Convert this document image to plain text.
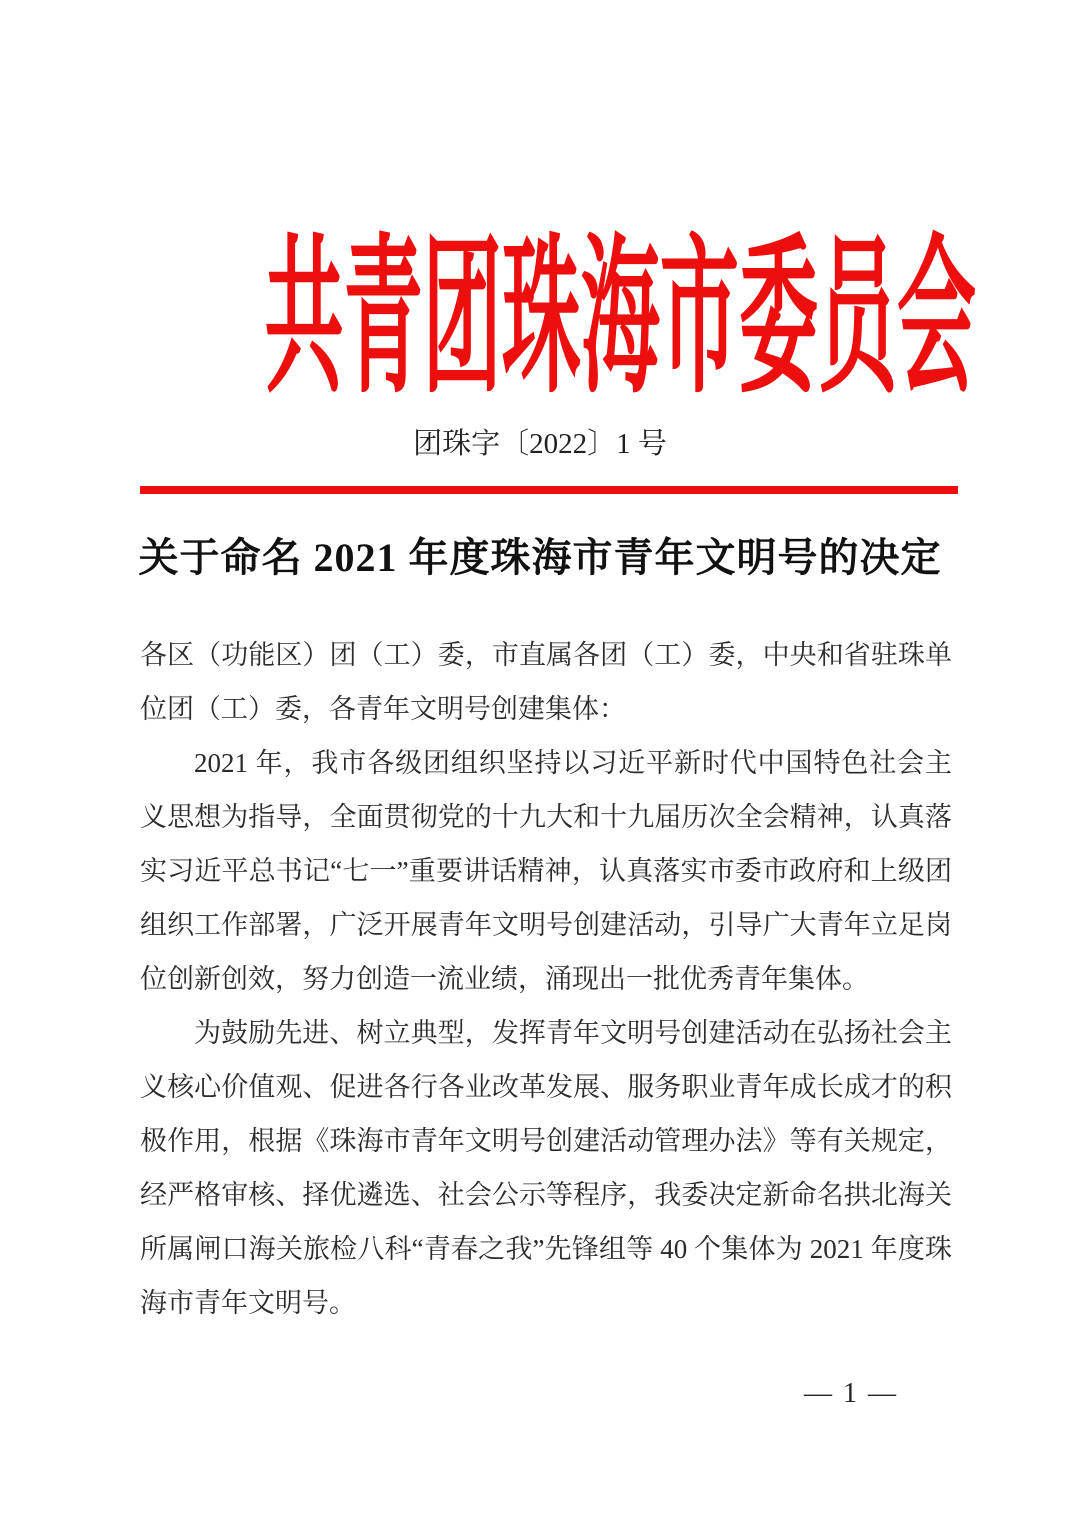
共青团珠海市委员会
团珠字〔2022〕1 号
关于命名 2021 年度珠海市青年文明号的决定

各区（功能区）团（工）委，市直属各团（工）委，中央和省驻珠单位团（工）委，各青年文明号创建集体：

2021 年，我市各级团组织坚持以习近平新时代中国特色社会主义思想为指导，全面贯彻党的十九大和十九届历次全会精神，认真落实习近平总书记“七一”重要讲话精神，认真落实市委市政府和上级团组织工作部署，广泛开展青年文明号创建活动，引导广大青年立足岗位创新创效，努力创造一流业绩，涌现出一批优秀青年集体。

为鼓励先进、树立典型，发挥青年文明号创建活动在弘扬社会主义核心价值观、促进各行各业改革发展、服务职业青年成长成才的积极作用，根据《珠海市青年文明号创建活动管理办法》等有关规定，经严格审核、择优遴选、社会公示等程序，我委决定新命名拱北海关所属闸口海关旅检八科“青春之我”先锋组等 40 个集体为 2021 年度珠海市青年文明号。

— 1 —
